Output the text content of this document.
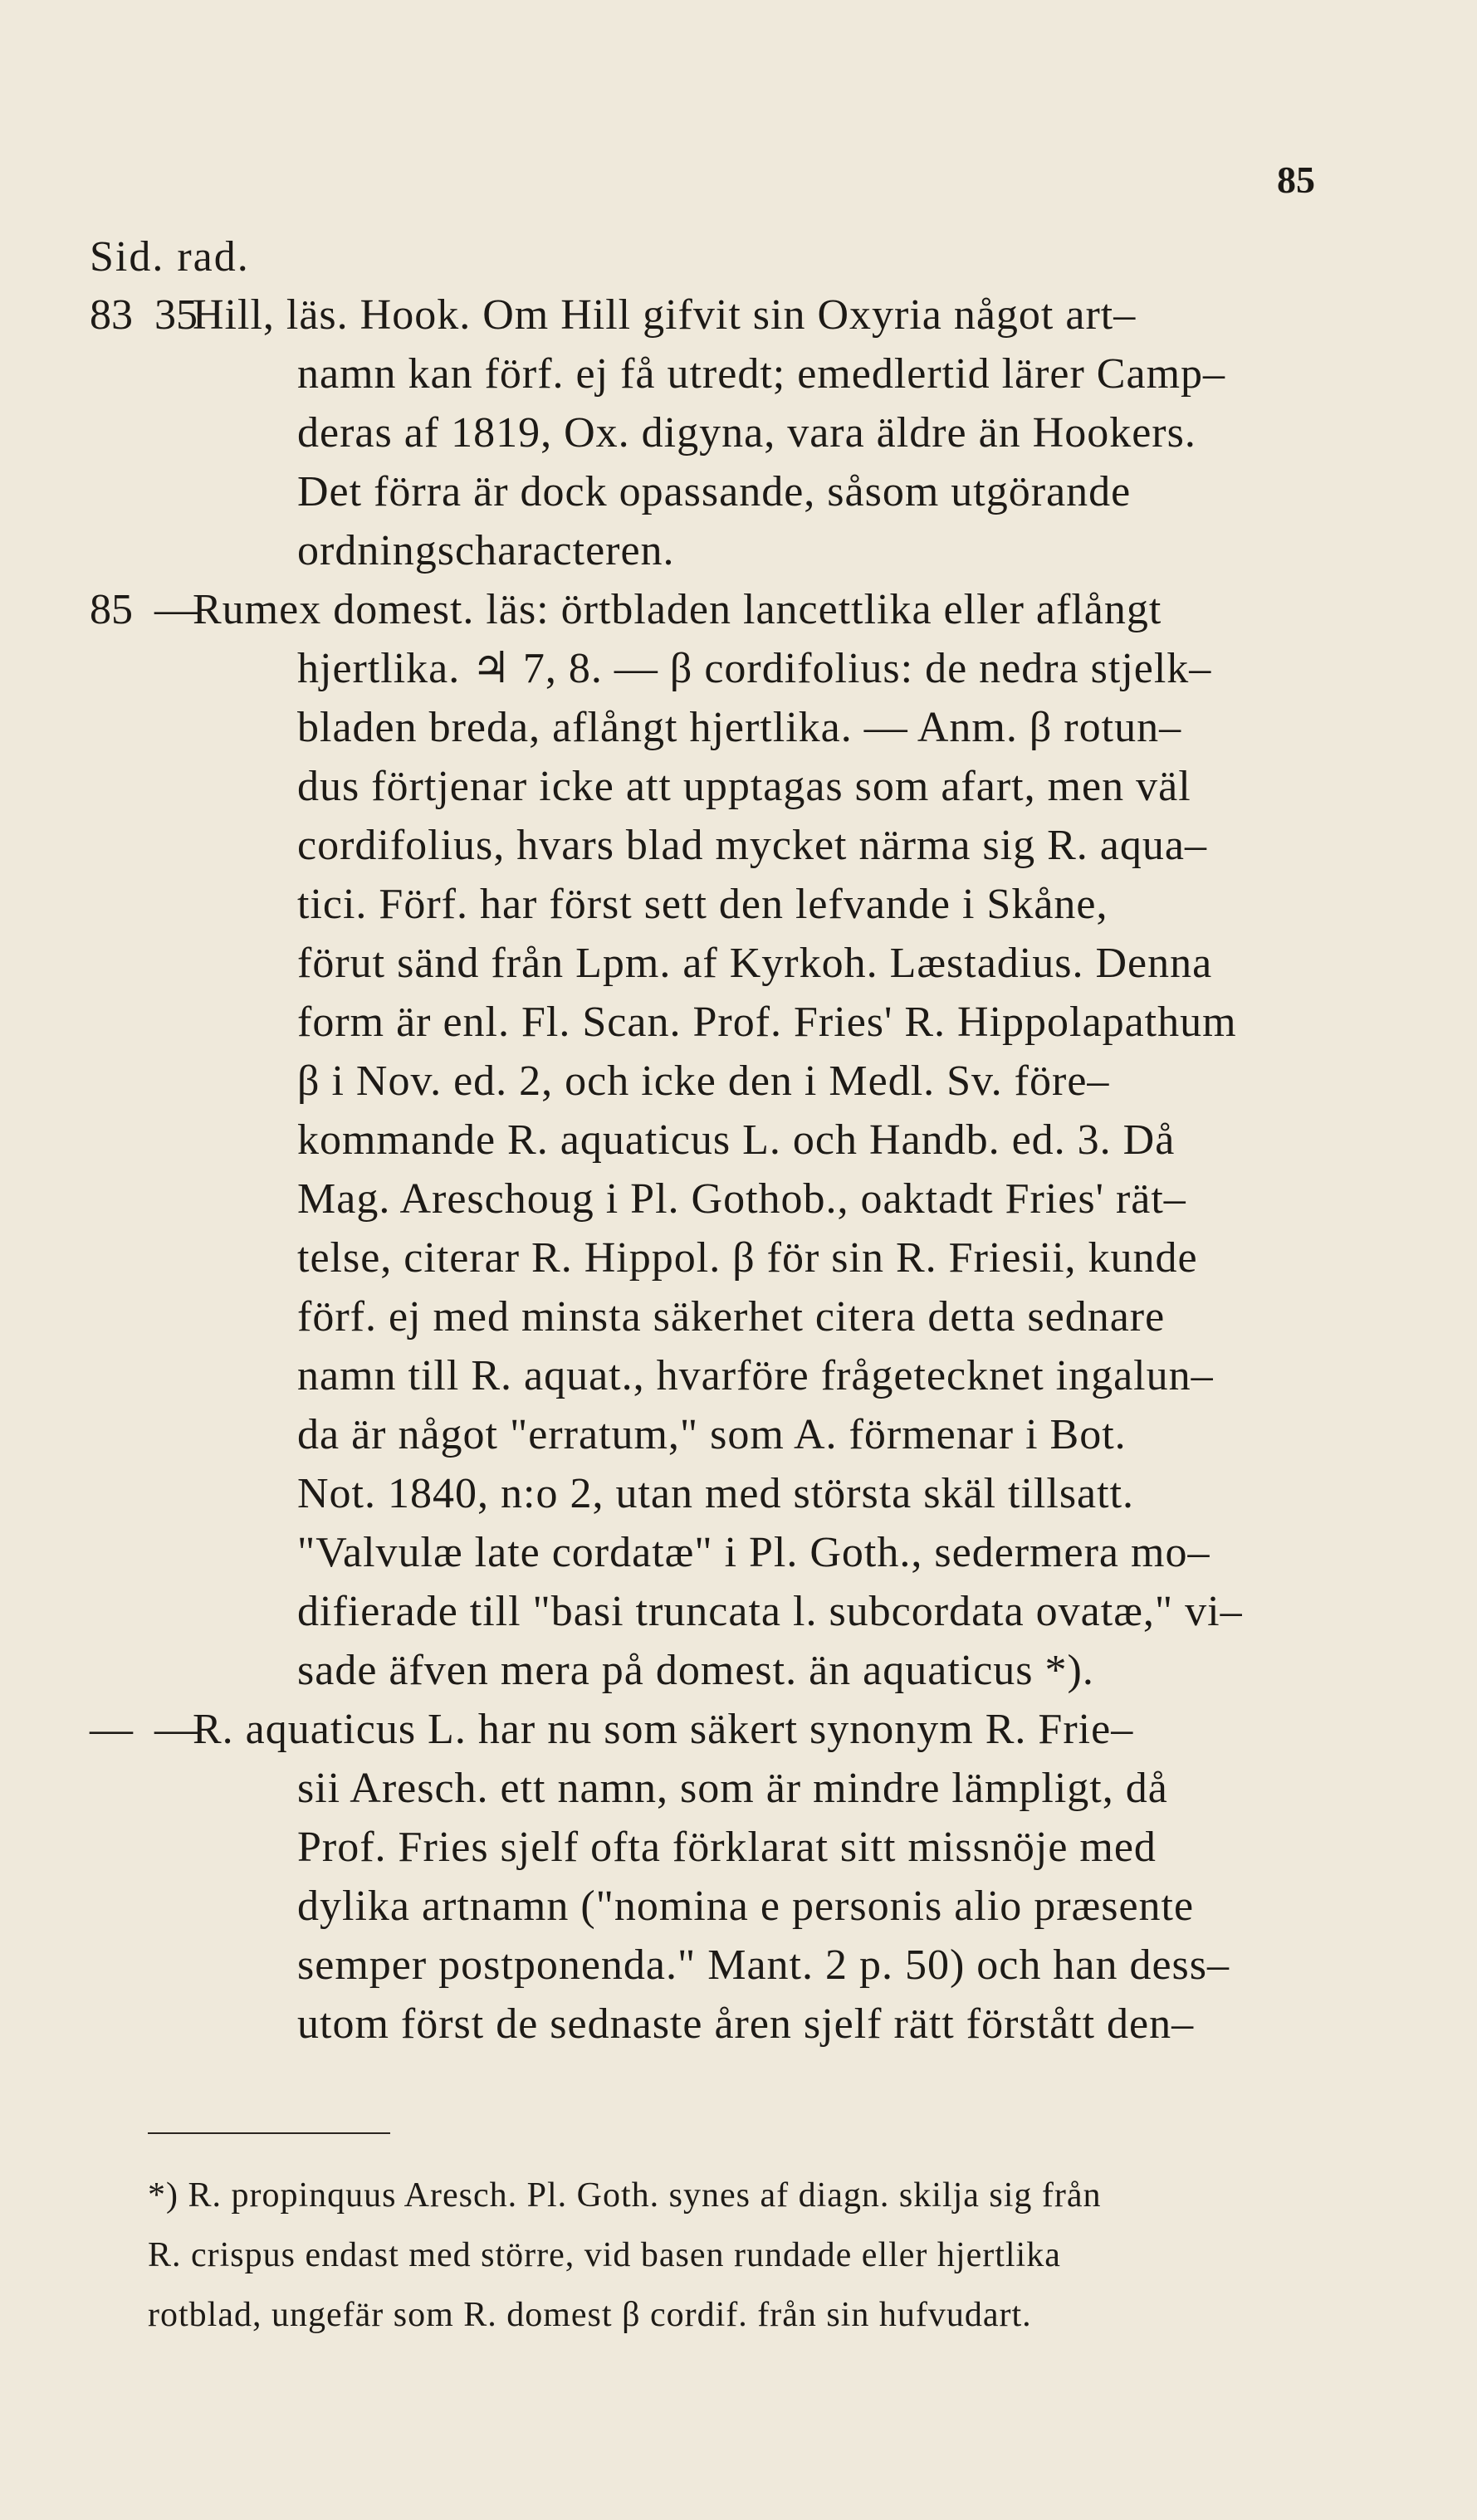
85
Sid. rad.
83 35
Hill, läs. Hook. Om Hill gifvit sin Oxyria något art–
namn kan förf. ej få utredt; emedlertid lärer Camp–
deras af 1819, Ox. digyna, vara äldre än Hookers.
Det förra är dock opassande, såsom utgörande
ordningscharacteren.
85 —
Rumex domest. läs: örtbladen lancettlika eller aflångt
hjertlika. ♃ 7, 8. — β cordifolius: de nedra stjelk–
bladen breda, aflångt hjertlika. — Anm. β rotun–
dus förtjenar icke att upptagas som afart, men väl
cordifolius, hvars blad mycket närma sig R. aqua–
tici. Förf. har först sett den lefvande i Skåne,
förut sänd från Lpm. af Kyrkoh. Læstadius. Denna
form är enl. Fl. Scan. Prof. Fries' R. Hippolapathum
β i Nov. ed. 2, och icke den i Medl. Sv. före–
kommande R. aquaticus L. och Handb. ed. 3. Då
Mag. Areschoug i Pl. Gothob., oaktadt Fries' rät–
telse, citerar R. Hippol. β för sin R. Friesii, kunde
förf. ej med minsta säkerhet citera detta sednare
namn till R. aquat., hvarföre frågetecknet ingalun–
da är något "erratum," som A. förmenar i Bot.
Not. 1840, n:o 2, utan med största skäl tillsatt.
"Valvulæ late cordatæ" i Pl. Goth., sedermera mo–
difierade till "basi truncata l. subcordata ovatæ," vi–
sade äfven mera på domest. än aquaticus *).
— —
R. aquaticus L. har nu som säkert synonym R. Frie–
sii Aresch. ett namn, som är mindre lämpligt, då
Prof. Fries sjelf ofta förklarat sitt missnöje med
dylika artnamn ("nomina e personis alio præsente
semper postponenda." Mant. 2 p. 50) och han dess–
utom först de sednaste åren sjelf rätt förstått den–
*) R. propinquus Aresch. Pl. Goth. synes af diagn. skilja sig från
R. crispus endast med större, vid basen rundade eller hjertlika
rotblad, ungefär som R. domest β cordif. från sin hufvudart.
